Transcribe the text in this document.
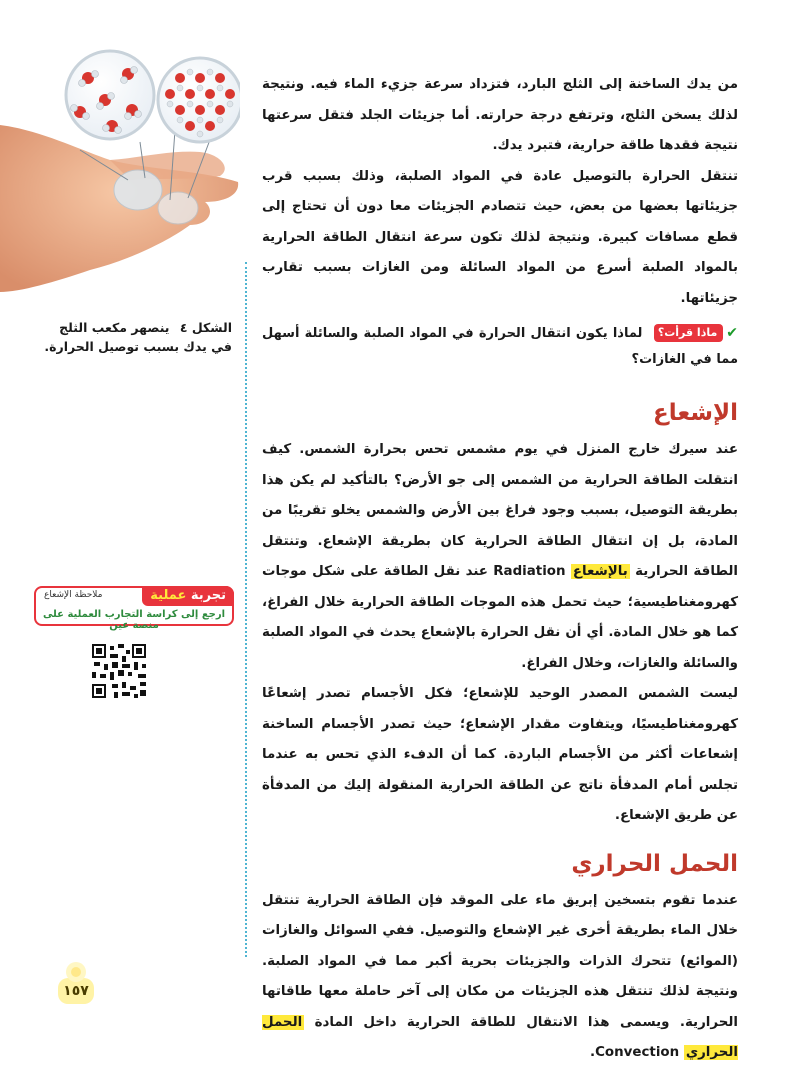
الشكل ٤ ينصهر مكعب الثلج في يدك بسبب توصيل الحرارة.
تجربة عملية
ملاحظة الإشعاع
ارجع إلى كراسة التجارب العملية على منصة عين

من يدك الساخنة إلى الثلج البارد، فتزداد سرعة جزيء الماء فيه. ونتيجة لذلك يسخن الثلج، وترتفع درجة حرارته. أما جزيئات الجلد فتقل سرعتها نتيجة فقدها طاقة حرارية، فتبرد يدك.

تنتقل الحرارة بالتوصيل عادة في المواد الصلبة، وذلك بسبب قرب جزيئاتها بعضها من بعض، حيث تتصادم الجزيئات معا دون أن تحتاج إلى قطع مسافات كبيرة. ونتيجة لذلك تكون سرعة انتقال الطاقة الحرارية بالمواد الصلبة أسرع من المواد السائلة ومن الغازات بسبب تقارب جزيئاتها.

✔ماذا قرأت؟ لماذا يكون انتقال الحرارة في المواد الصلبة والسائلة أسهل مما في الغازات؟
الإشعاع

عند سيرك خارج المنزل في يوم مشمس تحس بحرارة الشمس. كيف انتقلت الطاقة الحرارية من الشمس إلى جو الأرض؟ بالتأكيد لم يكن هذا بطريقة التوصيل، بسبب وجود فراغ بين الأرض والشمس يخلو تقريبًا من المادة، بل إن انتقال الطاقة الحرارية كان بطريقة الإشعاع. وتنتقل الطاقة الحرارية بالإشعاع Radiation عند نقل الطاقة على شكل موجات كهرومغناطيسية؛ حيث تحمل هذه الموجات الطاقة الحرارية خلال الفراغ، كما هو خلال المادة. أي أن نقل الحرارة بالإشعاع يحدث في المواد الصلبة والسائلة والغازات، وخلال الفراغ.

ليست الشمس المصدر الوحيد للإشعاع؛ فكل الأجسام تصدر إشعاعًا كهرومغناطيسيًا، ويتفاوت مقدار الإشعاع؛ حيث تصدر الأجسام الساخنة إشعاعات أكثر من الأجسام الباردة. كما أن الدفء الذي تحس به عندما تجلس أمام المدفأة ناتج عن الطاقة الحرارية المنقولة إليك من المدفأة عن طريق الإشعاع.

الحمل الحراري

عندما تقوم بتسخين إبريق ماء على الموقد فإن الطاقة الحرارية تنتقل خلال الماء بطريقة أخرى غير الإشعاع والتوصيل. ففي السوائل والغازات (الموائع) تتحرك الذرات والجزيئات بحرية أكبر مما في المواد الصلبة. ونتيجة لذلك تنتقل هذه الجزيئات من مكان إلى آخر حاملة معها طاقاتها الحرارية. ويسمى هذا الانتقال للطاقة الحرارية داخل المادة الحمل الحراري Convection.

١٥٧
